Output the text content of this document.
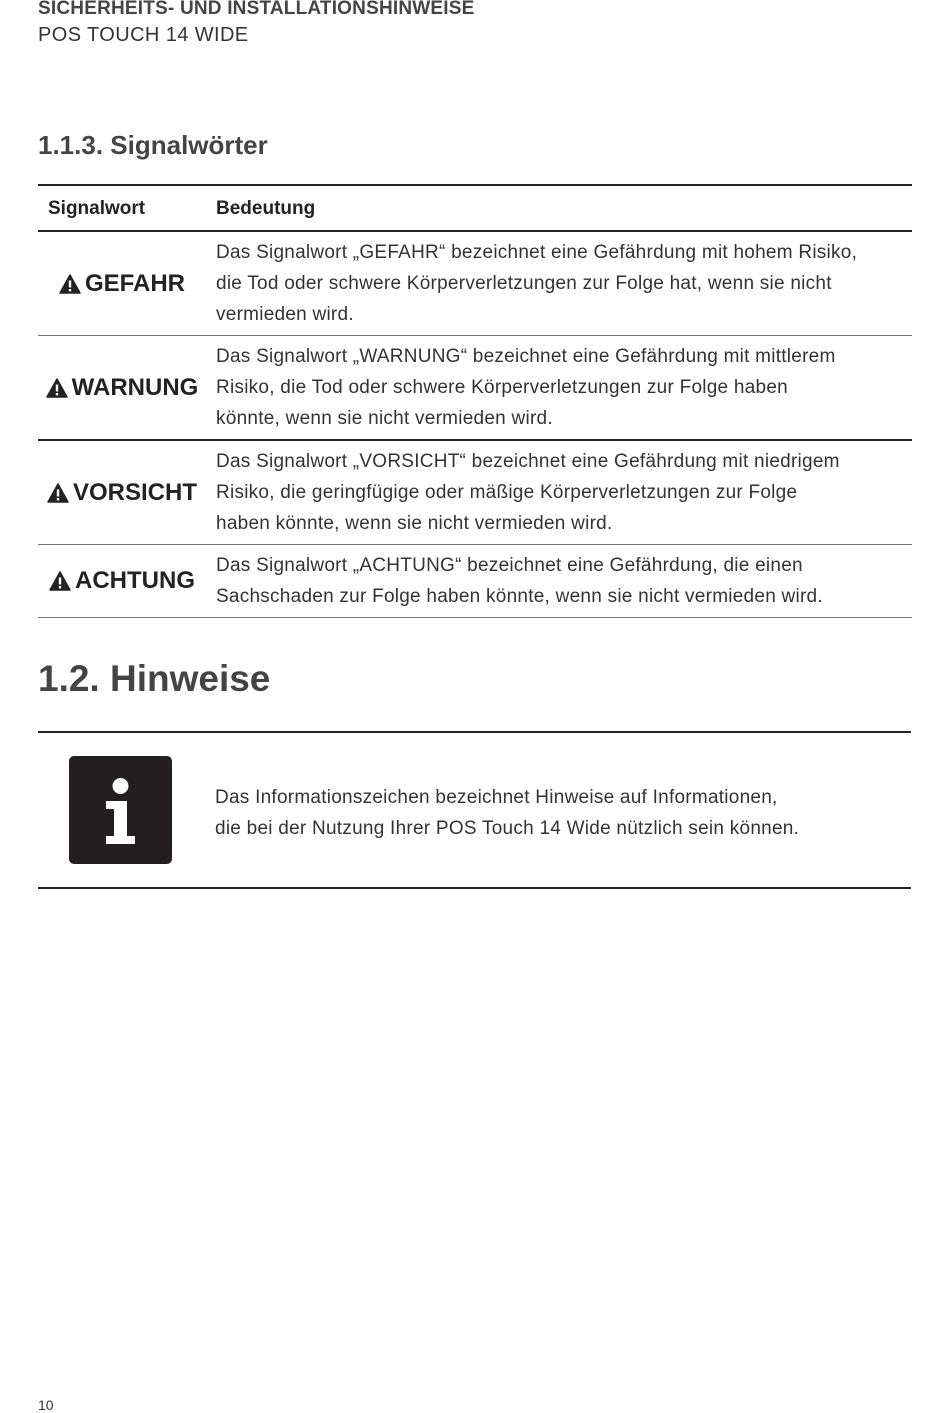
SICHERHEITS- UND INSTALLATIONSHINWEISE
POS TOUCH 14 WIDE
1.1.3. Signalwörter
Signalwort	Bedeutung
GEFAHR
Das Signalwort „GEFAHR“ bezeichnet eine Gefährdung mit hohem Risiko,
die Tod oder schwere Körperverletzungen zur Folge hat, wenn sie nicht
vermieden wird.
WARNUNG
Das Signalwort „WARNUNG“ bezeichnet eine Gefährdung mit mittlerem
Risiko, die Tod oder schwere Körperverletzungen zur Folge haben
könnte, wenn sie nicht vermieden wird.
VORSICHT
Das Signalwort „VORSICHT“ bezeichnet eine Gefährdung mit niedrigem
Risiko, die geringfügige oder mäßige Körperverletzungen zur Folge
haben könnte, wenn sie nicht vermieden wird.
ACHTUNG
Das Signalwort „ACHTUNG“ bezeichnet eine Gefährdung, die einen
Sachschaden zur Folge haben könnte, wenn sie nicht vermieden wird.
1.2. Hinweise
Das Informationszeichen bezeichnet Hinweise auf Informationen,
die bei der Nutzung Ihrer POS Touch 14 Wide nützlich sein können.
10
